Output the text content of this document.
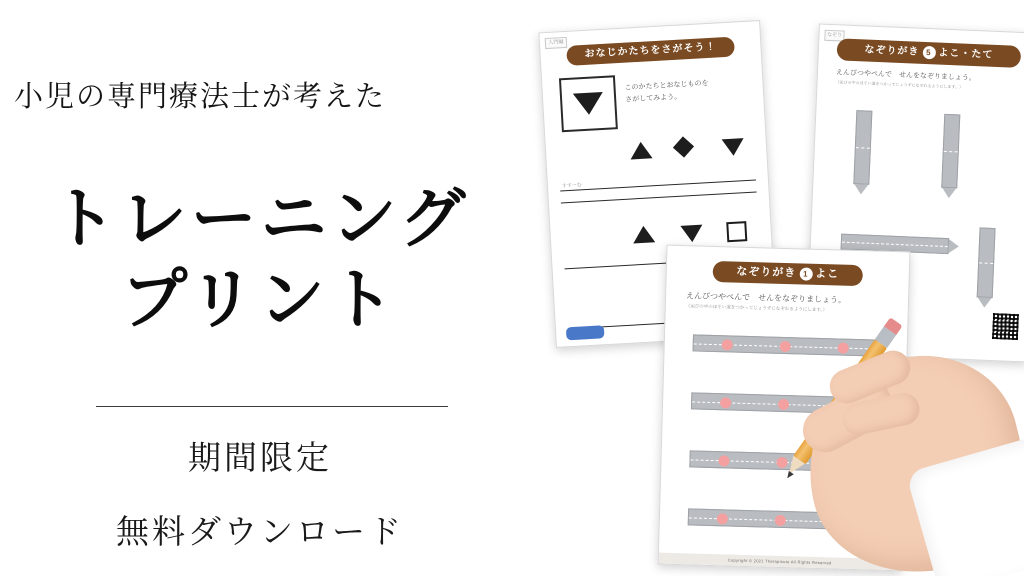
小児の専門療法士が考えた
トレーニング
プリント
期間限定
無料ダウンロード
入門編	おなじかたちをさがそう！
このかたちとおなじものを
さがしてみよう。
すすーむ
なぞり
なぞりがき 5 よこ・たて
えんぴつやペんで　せんをなぞりましょう。
（运びの中のほそい道をつかってじょうずになぞれるようにします。）
なぞりがき 1 よこ
えんぴつやぺんで　せんをなぞりましょう。
（运びの中のほそい道をつかってじょうずになぞれるようにします。）
Copyright © 2021 Therapisuto All Rights Reserved
